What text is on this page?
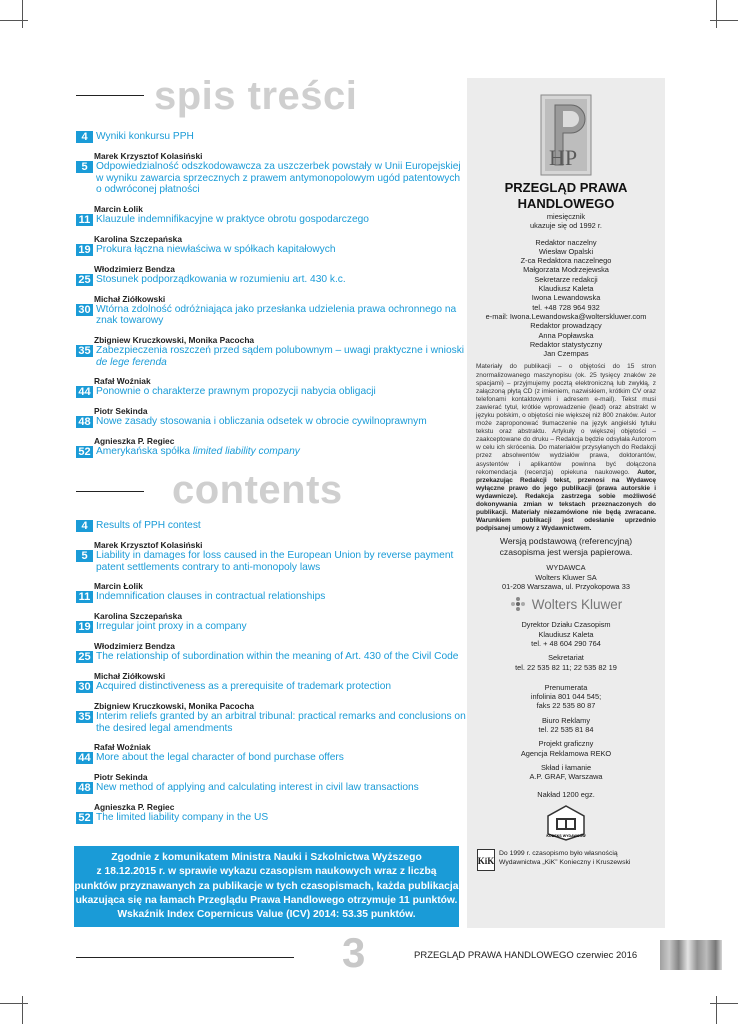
spis treści
4 Wyniki konkursu PPH
Marek Krzysztof Kolasiński
5 Odpowiedzialność odszkodowawcza za uszczerbek powstały w Unii Europejskiej w wyniku zawarcia sprzecznych z prawem antymonopolowym ugód patentowych o odwróconej płatności
Marcin Łolik
11 Klauzule indemnifikacyjne w praktyce obrotu gospodarczego
Karolina Szczepańska
19 Prokura łączna niewłaściwa w spółkach kapitałowych
Włodzimierz Bendza
25 Stosunek podporządkowania w rozumieniu art. 430 k.c.
Michał Ziółkowski
30 Wtórna zdolność odróżniająca jako przesłanka udzielenia prawa ochronnego na znak towarowy
Zbigniew Kruczkowski, Monika Pacocha
35 Zabezpieczenia roszczeń przed sądem polubownym – uwagi praktyczne i wnioski de lege ferenda
Rafał Woźniak
44 Ponownie o charakterze prawnym propozycji nabycia obligacji
Piotr Sekinda
48 Nowe zasady stosowania i obliczania odsetek w obrocie cywilnoprawnym
Agnieszka P. Regiec
52 Amerykańska spółka limited liability company
contents
4 Results of PPH contest
Marek Krzysztof Kolasiński
5 Liability in damages for loss caused in the European Union by reverse payment patent settlements contrary to anti-monopoly laws
Marcin Łolik
11 Indemnification clauses in contractual relationships
Karolina Szczepańska
19 Irregular joint proxy in a company
Włodzimierz Bendza
25 The relationship of subordination within the meaning of Art. 430 of the Civil Code
Michał Ziółkowski
30 Acquired distinctiveness as a prerequisite of trademark protection
Zbigniew Kruczkowski, Monika Pacocha
35 Interim reliefs granted by an arbitral tribunal: practical remarks and conclusions on the desired legal amendments
Rafał Woźniak
44 More about the legal character of bond purchase offers
Piotr Sekinda
48 New method of applying and calculating interest in civil law transactions
Agnieszka P. Regiec
52 The limited liability company in the US
Zgodnie z komunikatem Ministra Nauki i Szkolnictwa Wyższego
z 18.12.2015 r. w sprawie wykazu czasopism naukowych wraz z liczbą
punktów przyznawanych za publikacje w tych czasopismach, każda publikacja
ukazująca się na łamach Przeglądu Prawa Handlowego otrzymuje 11 punktów.
Wskaźnik Index Copernicus Value (ICV) 2014: 53.35 punktów.
3	PRZEGLĄD PRAWA HANDLOWEGO czerwiec 2016
HP
PRZEGLĄD PRAWA
HANDLOWEGO
miesięcznik
ukazuje się od 1992 r.
Redaktor naczelny
Wiesław Opalski
Z-ca Redaktora naczelnego
Małgorzata Modrzejewska
Sekretarze redakcji
Klaudiusz Kaleta
Iwona Lewandowska
tel. +48 728 964 932
e-mail: Iwona.Lewandowska@wolterskluwer.com
Redaktor prowadzący
Anna Popławska
Redaktor statystyczny
Jan Czempas
Materiały do publikacji – o objętości do 15 stron znormalizowanego maszynopisu (ok. 25 tysięcy znaków ze spacjami) – przyjmujemy pocztą elektroniczną lub zwykłą, z załączoną płytą CD (z imieniem, nazwiskiem, krótkim CV oraz telefonami kontaktowymi i adresem e-mail). Tekst musi zawierać tytuł, krótkie wprowadzenie (lead) oraz abstrakt w języku polskim, o objętości nie większej niż 800 znaków. Autor może zaproponować tłumaczenie na język angielski tytułu tekstu oraz abstraktu. Artykuły o większej objętości – zaakceptowane do druku – Redakcja będzie odsyłała Autorom w celu ich skrócenia. Do materiałów przysyłanych do Redakcji przez absolwentów wydziałów prawa, doktorantów, asystentów i aplikantów powinna być dołączona rekomendacja (recenzja) opiekuna naukowego. Autor, przekazując Redakcji tekst, przenosi na Wydawcę wyłączne prawo do jego publikacji (prawa autorskie i wydawnicze). Redakcja zastrzega sobie możliwość dokonywania zmian w tekstach przeznaczonych do publikacji. Materiały niezamówione nie będą zwracane. Warunkiem publikacji jest odesłanie uprzednio podpisanej umowy z Wydawnictwem.
Wersją podstawową (referencyjną) czasopisma jest wersja papierowa.
WYDAWCA
Wolters Kluwer SA
01-208 Warszawa, ul. Przyokopowa 33
Wolters Kluwer
Dyrektor Działu Czasopism
Klaudiusz Kaleta
tel. + 48 604 290 764
Sekretariat
tel. 22 535 82 11; 22 535 82 19
Prenumerata
infolinia 801 044 545;
faks 22 535 80 87
Biuro Reklamy
tel. 22 535 81 84
Projekt graficzny
Agencja Reklamowa REKO
Skład i łamanie
A.P. GRAF, Warszawa
Nakład 1200 egz.
KODEKS WYDAWCÓW
KiK
Do 1999 r. czasopismo było własnością
Wydawnictwa „KiK” Konieczny i Kruszewski
